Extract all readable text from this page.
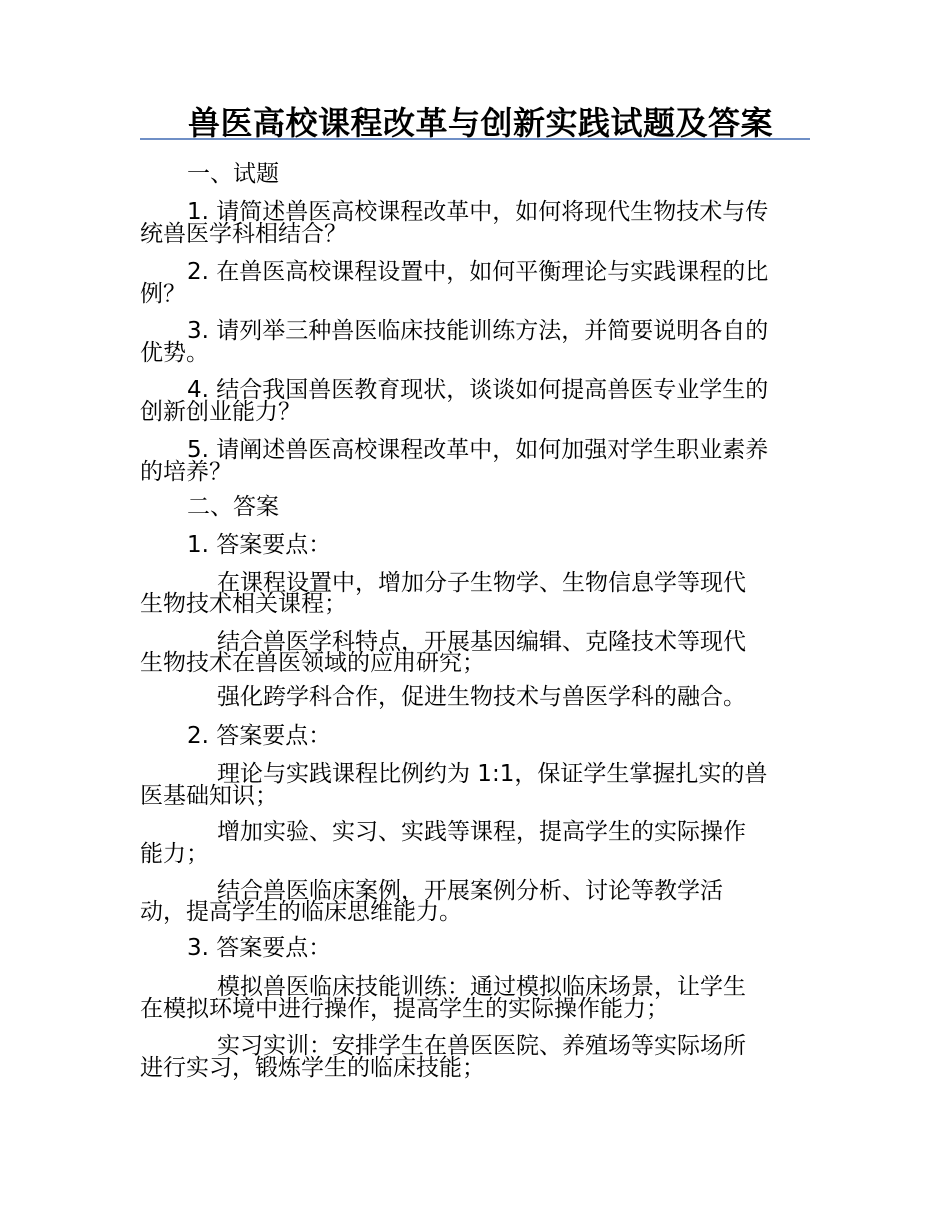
兽医高校课程改革与创新实践试题及答案
一、试题
1. 请简述兽医高校课程改革中，如何将现代生物技术与传
统兽医学科相结合？
2. 在兽医高校课程设置中，如何平衡理论与实践课程的比
例？
3. 请列举三种兽医临床技能训练方法，并简要说明各自的
优势。
4. 结合我国兽医教育现状，谈谈如何提高兽医专业学生的
创新创业能力？
5. 请阐述兽医高校课程改革中，如何加强对学生职业素养
的培养？
二、答案
1. 答案要点：
在课程设置中，增加分子生物学、生物信息学等现代
生物技术相关课程；
结合兽医学科特点，开展基因编辑、克隆技术等现代
生物技术在兽医领域的应用研究；
强化跨学科合作，促进生物技术与兽医学科的融合。
2. 答案要点：
理论与实践课程比例约为 1:1，保证学生掌握扎实的兽
医基础知识；
增加实验、实习、实践等课程，提高学生的实际操作
能力；
结合兽医临床案例，开展案例分析、讨论等教学活
动，提高学生的临床思维能力。
3. 答案要点：
模拟兽医临床技能训练：通过模拟临床场景，让学生
在模拟环境中进行操作，提高学生的实际操作能力；
实习实训：安排学生在兽医医院、养殖场等实际场所
进行实习，锻炼学生的临床技能；
